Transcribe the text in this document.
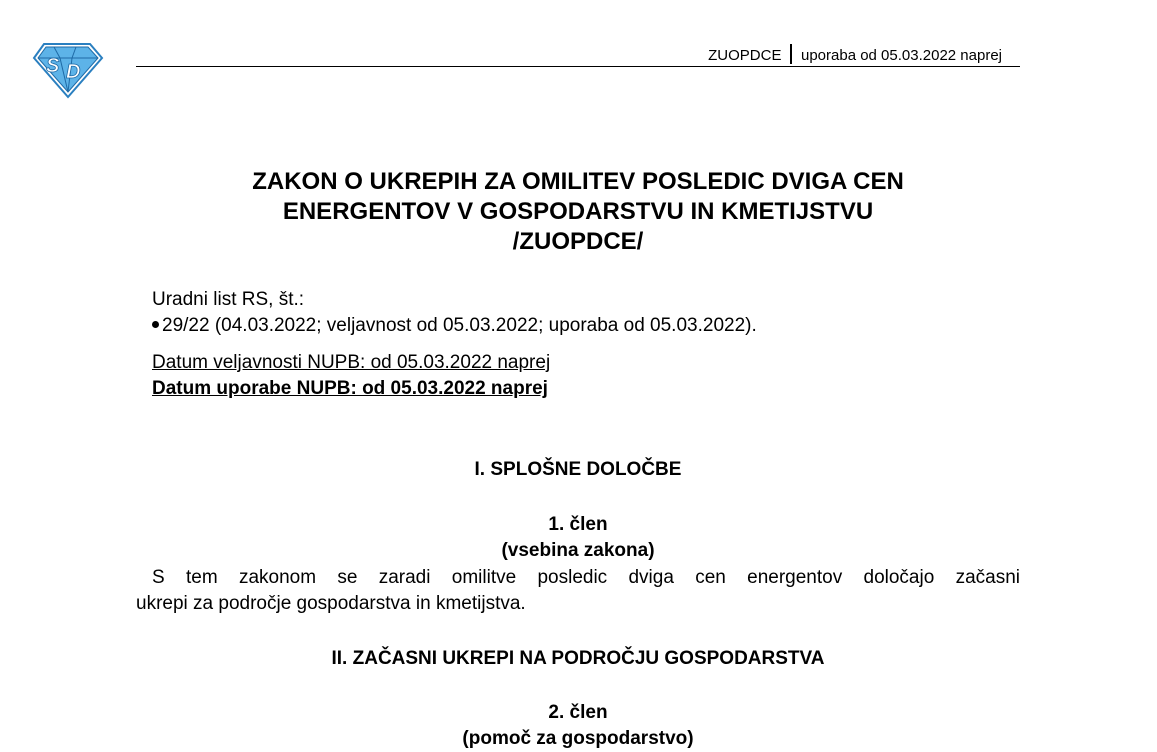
S D
ZUOPDCE uporaba od 05.03.2022 naprej
ZAKON O UKREPIH ZA OMILITEV POSLEDIC DVIGA CEN
ENERGENTOV V GOSPODARSTVU IN KMETIJSTVU
/ZUOPDCE/
Uradni list RS, št.:
29/22 (04.03.2022; veljavnost od 05.03.2022; uporaba od 05.03.2022).
Datum veljavnosti NUPB: od 05.03.2022 naprej
Datum uporabe NUPB: od 05.03.2022 naprej
I. SPLOŠNE DOLOČBE
1. člen
(vsebina zakona)
S tem zakonom se zaradi omilitve posledic dviga cen energentov določajo začasni
ukrepi za področje gospodarstva in kmetijstva.
II. ZAČASNI UKREPI NA PODROČJU GOSPODARSTVA
2. člen
(pomoč za gospodarstvo)
